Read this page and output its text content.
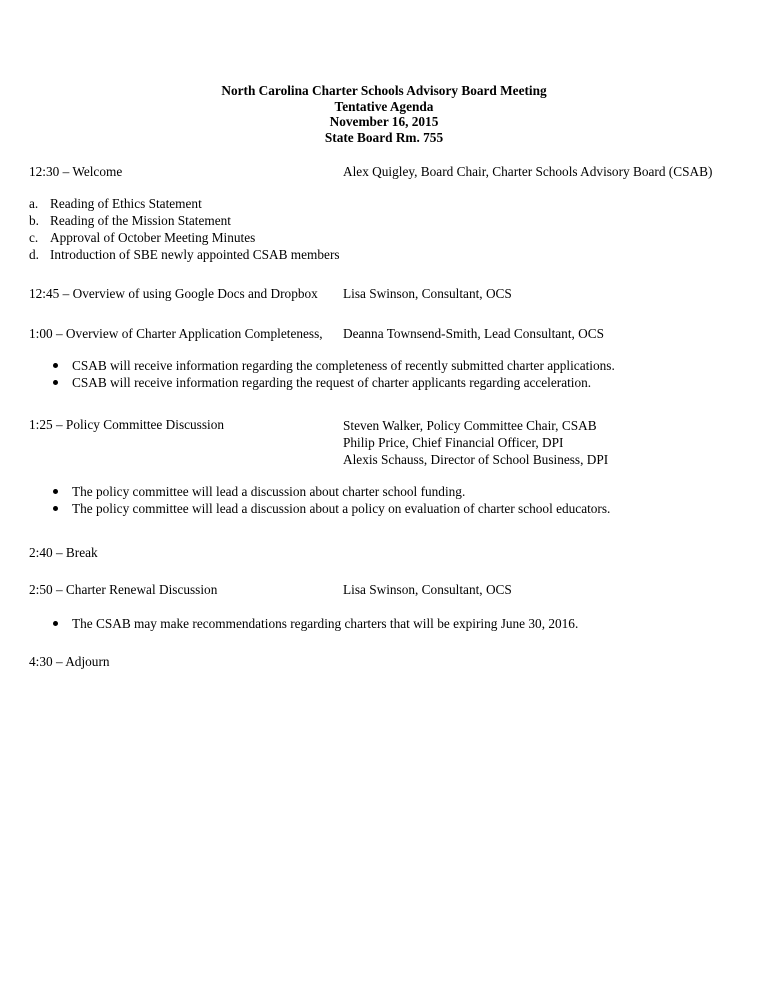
North Carolina Charter Schools Advisory Board Meeting
Tentative Agenda
November 16, 2015
State Board Rm. 755
12:30 – Welcome	Alex Quigley, Board Chair, Charter Schools Advisory Board (CSAB)
a. Reading of Ethics Statement
b. Reading of the Mission Statement
c. Approval of October Meeting Minutes
d. Introduction of SBE newly appointed CSAB members
12:45 – Overview of using Google Docs and Dropbox Lisa Swinson, Consultant, OCS
1:00 – Overview of Charter Application Completeness, Deanna Townsend-Smith, Lead Consultant, OCS
CSAB will receive information regarding the completeness of recently submitted charter applications.
CSAB will receive information regarding the request of charter applicants regarding acceleration.
1:25 – Policy Committee Discussion	Steven Walker, Policy Committee Chair, CSAB
Philip Price, Chief Financial Officer, DPI
Alexis Schauss, Director of School Business, DPI
The policy committee will lead a discussion about charter school funding.
The policy committee will lead a discussion about a policy on evaluation of charter school educators.
2:40 – Break
2:50 – Charter Renewal Discussion	Lisa Swinson, Consultant, OCS
The CSAB may make recommendations regarding charters that will be expiring June 30, 2016.
4:30 – Adjourn
